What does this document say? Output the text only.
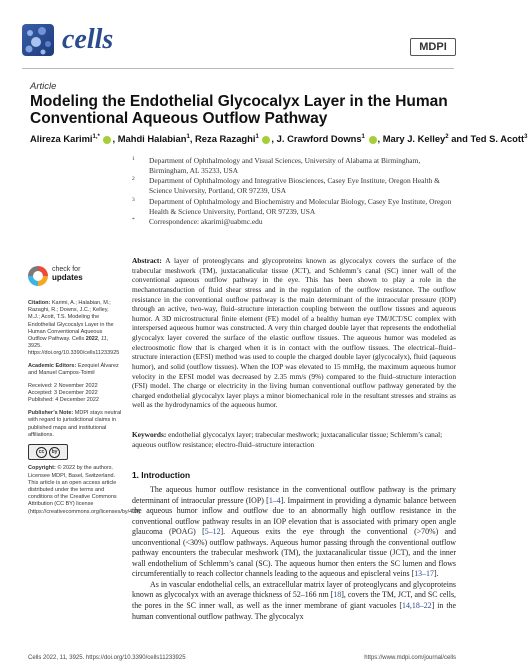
cells	MDPI
Article
Modeling the Endothelial Glycocalyx Layer in the Human Conventional Aqueous Outflow Pathway
Alireza Karimi$^{1,*}$ , Mahdi Halabian$^1$, Reza Razaghi$^1$ , J. Crawford Downs$^1$ , Mary J. Kelley$^2$ and Ted S. Acott$^3$
1 Department of Ophthalmology and Visual Sciences, University of Alabama at Birmingham, Birmingham, AL 35233, USA
2 Department of Ophthalmology and Integrative Biosciences, Casey Eye Institute, Oregon Health & Science University, Portland, OR 97239, USA
3 Department of Ophthalmology and Biochemistry and Molecular Biology, Casey Eye Institute, Oregon Health & Science University, Portland, OR 97239, USA
* Correspondence: akarimi@uabmc.edu
Abstract: A layer of proteoglycans and glycoproteins known as glycocalyx covers the surface of the trabecular meshwork (TM), juxtacanalicular tissue (JCT), and Schlemm’s canal (SC) inner wall of the conventional aqueous outflow pathway in the eye. This has been shown to play a role in the mechanotransduction of fluid shear stress and in the regulation of the outflow resistance. The outflow resistance in the conventional outflow pathway is the main determinant of the intraocular pressure (IOP) through an active, two-way, fluid–structure interaction coupling between the outflow tissues and aqueous humor. A 3D microstructural finite element (FE) model of a healthy human eye TM/JCT/SC complex with interspersed aqueous humor was constructed. A very thin charged double layer that represents the endothelial glycocalyx layer covered the surface of the elastic outflow tissues. The aqueous humor was modeled as electroosmotic flow that is charged when it is in contact with the outflow tissues. The electrical–fluid–structure interaction (EFSI) method was used to couple the charged double layer (glycocalyx), fluid (aqueous humor), and solid (outflow tissues). When the IOP was elevated to 15 mmHg, the maximum aqueous humor velocity in the EFSI model was decreased by 2.35 mm/s (9%) compared to the fluid–structure interaction (FSI) model. The charge or electricity in the living human conventional outflow pathway generated by the charged endothelial glycocalyx layer plays a minor biomechanical role in the resultant stresses and strains as well as the hydrodynamics of the aqueous humor.
Keywords: endothelial glycocalyx layer; trabecular meshwork; juxtacanalicular tissue; Schlemm’s canal; aqueous outflow resistance; electro-fluid–structure interaction
check for
updates

Citation: Karimi, A.; Halabian, M.; Razaghi, R.; Downs, J.C.; Kelley, M.J.; Acott, T.S. Modeling the Endothelial Glycocalyx Layer in the Human Conventional Aqueous Outflow Pathway. Cells 2022, 11, 3925. https://doi.org/10.3390/cells11233925

Academic Editors: Ezequiel Álvarez and Manuel Campos-Toimil

Received: 2 November 2022
Accepted: 3 December 2022
Published: 4 December 2022

Publisher’s Note: MDPI stays neutral with regard to jurisdictional claims in published maps and institutional affiliations.

cc	by

Copyright: © 2022 by the authors. Licensee MDPI, Basel, Switzerland. This article is an open access article distributed under the terms and conditions of the Creative Commons Attribution (CC BY) license (https://creativecommons.org/licenses/by/4.0/).

1. Introduction

The aqueous humor outflow resistance in the conventional outflow pathway is the primary determinant of intraocular pressure (IOP) [1–4]. Impairment in providing a dynamic balance between the aqueous humor inflow and outflow due to an abnormally high outflow resistance in the conventional outflow pathway results in an IOP elevation that is associated with primary open angle glaucoma (POAG) [5–12]. Aqueous exits the eye through the conventional (>70%) and unconventional (<30%) outflow pathways. Aqueous humor passing through the conventional outflow pathway encounters the trabecular meshwork (TM), the juxtacanalicular tissue (JCT), and the inner wall endothelium of Schlemm’s canal (SC). The aqueous humor then enters the SC lumen and flows circumferentially to reach collector channels leading to the aqueous and episcleral veins [13–17].

As in vascular endothelial cells, an extracellular matrix layer of proteoglycans and glycoproteins known as glycocalyx with an average thickness of 52–166 nm [18], covers the TM, JCT, and SC cells, the pores in the SC inner wall, as well as the inner membrane of giant vacuoles [14,18–22] in the human conventional outflow pathway. The glycocalyx

Cells 2022, 11, 3925. https://doi.org/10.3390/cells11233925	https://www.mdpi.com/journal/cells
